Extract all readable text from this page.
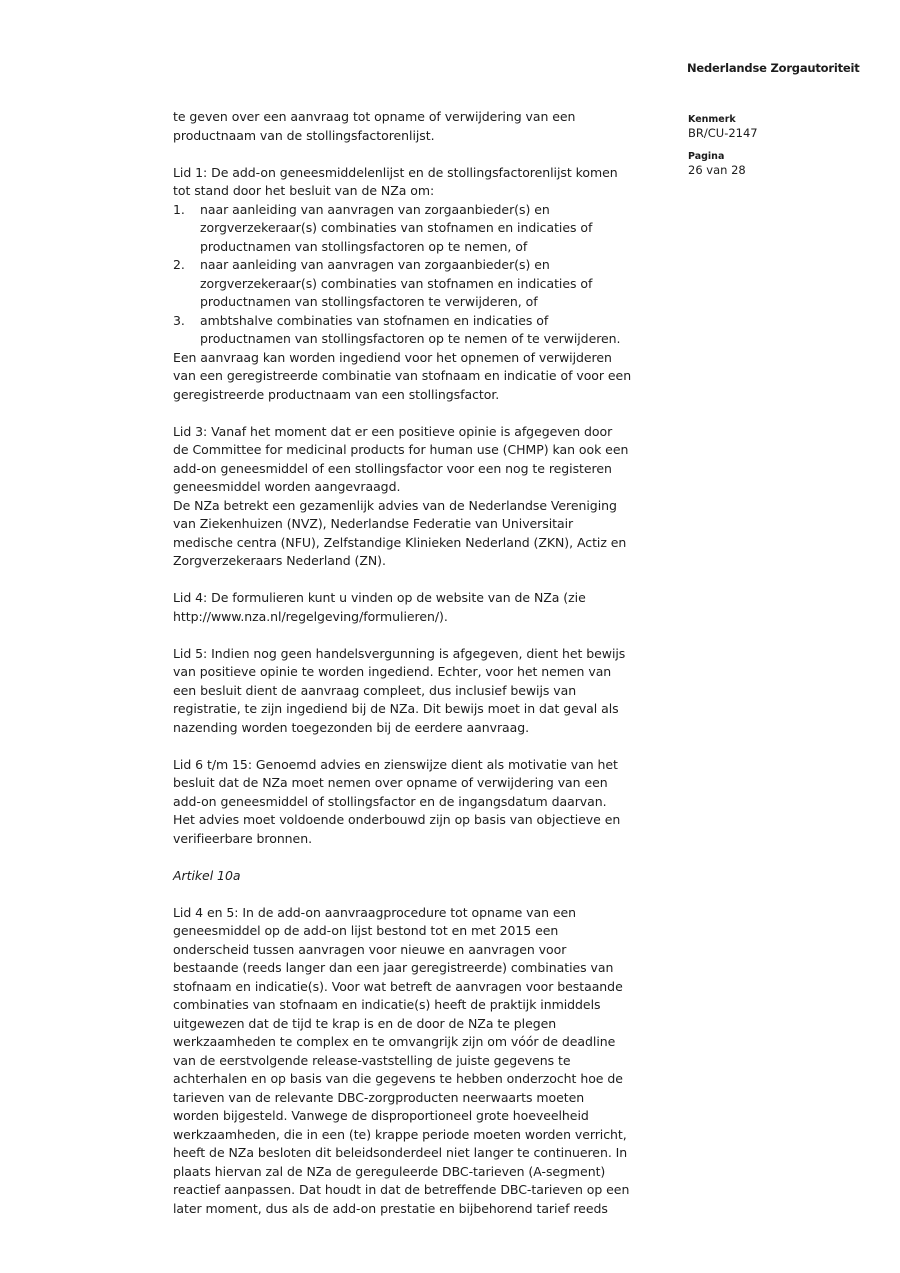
Nederlandse Zorgautoriteit
Kenmerk
BR/CU-2147
Pagina
26 van 28
te geven over een aanvraag tot opname of verwijdering van een
productnaam van de stollingsfactorenlijst.
Lid 1: De add-on geneesmiddelenlijst en de stollingsfactorenlijst komen
tot stand door het besluit van de NZa om:
1.	naar aanleiding van aanvragen van zorgaanbieder(s) en
zorgverzekeraar(s) combinaties van stofnamen en indicaties of
productnamen van stollingsfactoren op te nemen, of
2.	naar aanleiding van aanvragen van zorgaanbieder(s) en
zorgverzekeraar(s) combinaties van stofnamen en indicaties of
productnamen van stollingsfactoren te verwijderen, of
3.	ambtshalve combinaties van stofnamen en indicaties of
productnamen van stollingsfactoren op te nemen of te verwijderen.
Een aanvraag kan worden ingediend voor het opnemen of verwijderen
van een geregistreerde combinatie van stofnaam en indicatie of voor een
geregistreerde productnaam van een stollingsfactor.
Lid 3: Vanaf het moment dat er een positieve opinie is afgegeven door
de Committee for medicinal products for human use (CHMP) kan ook een
add-on geneesmiddel of een stollingsfactor voor een nog te registeren
geneesmiddel worden aangevraagd.
De NZa betrekt een gezamenlijk advies van de Nederlandse Vereniging
van Ziekenhuizen (NVZ), Nederlandse Federatie van Universitair
medische centra (NFU), Zelfstandige Klinieken Nederland (ZKN), Actiz en
Zorgverzekeraars Nederland (ZN).
Lid 4: De formulieren kunt u vinden op de website van de NZa (zie
http://www.nza.nl/regelgeving/formulieren/).
Lid 5: Indien nog geen handelsvergunning is afgegeven, dient het bewijs
van positieve opinie te worden ingediend. Echter, voor het nemen van
een besluit dient de aanvraag compleet, dus inclusief bewijs van
registratie, te zijn ingediend bij de NZa. Dit bewijs moet in dat geval als
nazending worden toegezonden bij de eerdere aanvraag.
Lid 6 t/m 15: Genoemd advies en zienswijze dient als motivatie van het
besluit dat de NZa moet nemen over opname of verwijdering van een
add-on geneesmiddel of stollingsfactor en de ingangsdatum daarvan.
Het advies moet voldoende onderbouwd zijn op basis van objectieve en
verifieerbare bronnen.
Artikel 10a
Lid 4 en 5: In de add-on aanvraagprocedure tot opname van een
geneesmiddel op de add-on lijst bestond tot en met 2015 een
onderscheid tussen aanvragen voor nieuwe en aanvragen voor
bestaande (reeds langer dan een jaar geregistreerde) combinaties van
stofnaam en indicatie(s). Voor wat betreft de aanvragen voor bestaande
combinaties van stofnaam en indicatie(s) heeft de praktijk inmiddels
uitgewezen dat de tijd te krap is en de door de NZa te plegen
werkzaamheden te complex en te omvangrijk zijn om vóór de deadline
van de eerstvolgende release-vaststelling de juiste gegevens te
achterhalen en op basis van die gegevens te hebben onderzocht hoe de
tarieven van de relevante DBC-zorgproducten neerwaarts moeten
worden bijgesteld. Vanwege de disproportioneel grote hoeveelheid
werkzaamheden, die in een (te) krappe periode moeten worden verricht,
heeft de NZa besloten dit beleidsonderdeel niet langer te continueren. In
plaats hiervan zal de NZa de gereguleerde DBC-tarieven (A-segment)
reactief aanpassen. Dat houdt in dat de betreffende DBC-tarieven op een
later moment, dus als de add-on prestatie en bijbehorend tarief reeds
